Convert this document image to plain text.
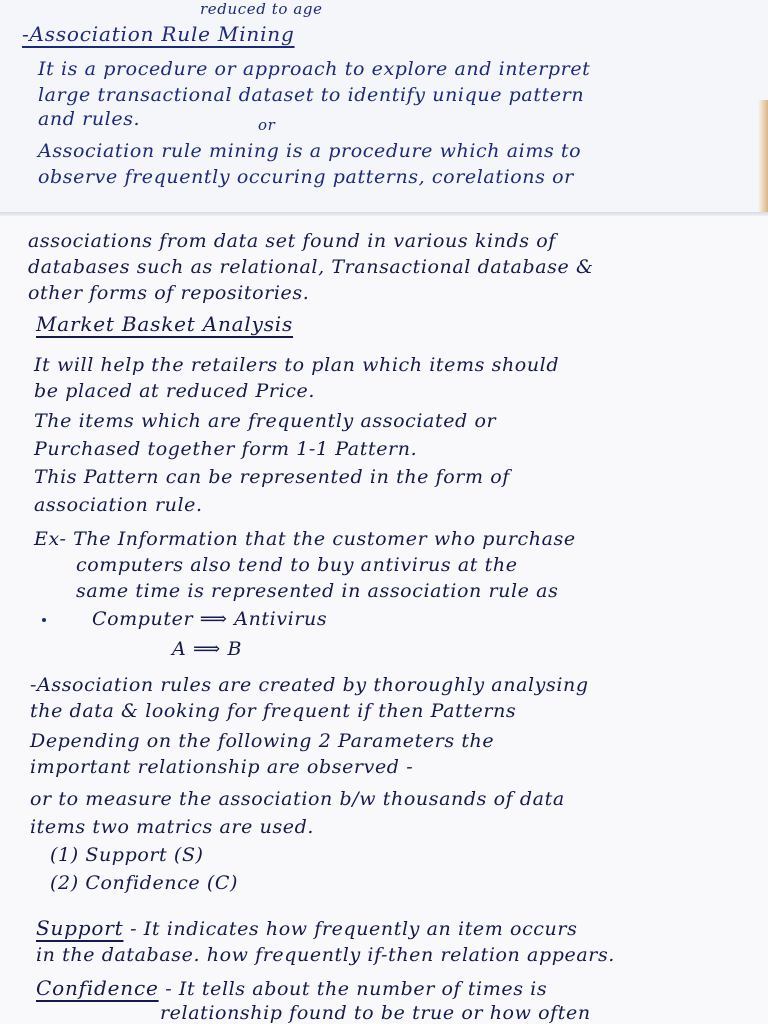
reduced to age
-Association Rule Mining
It is a procedure or approach to explore and interpret
large transactional dataset to identify unique pattern
and rules.	or
Association rule mining is a procedure which aims to
observe frequently occuring patterns, corelations or
associations from data set found in various kinds of
databases such as relational, Transactional database &
other forms of repositories.
Market Basket Analysis
It will help the retailers to plan which items should
be placed at reduced Price.
The items which are frequently associated or
Purchased together form 1-1 Pattern.
This Pattern can be represented in the form of
association rule.
Ex- The Information that the customer who purchase
computers also tend to buy antivirus at the
same time is represented in association rule as
Computer ⟹ Antivirus
A ⟹ B
-Association rules are created by thoroughly analysing
the data & looking for frequent if then Patterns
Depending on the following 2 Parameters the
important relationship are observed -
or to measure the association b/w thousands of data
items two matrics are used.
(1) Support (S)
(2) Confidence (C)
Support - It indicates how frequently an item occurs
in the database. how frequently if-then relation appears.
Confidence - It tells about the number of times is
relationship found to be true or how often
